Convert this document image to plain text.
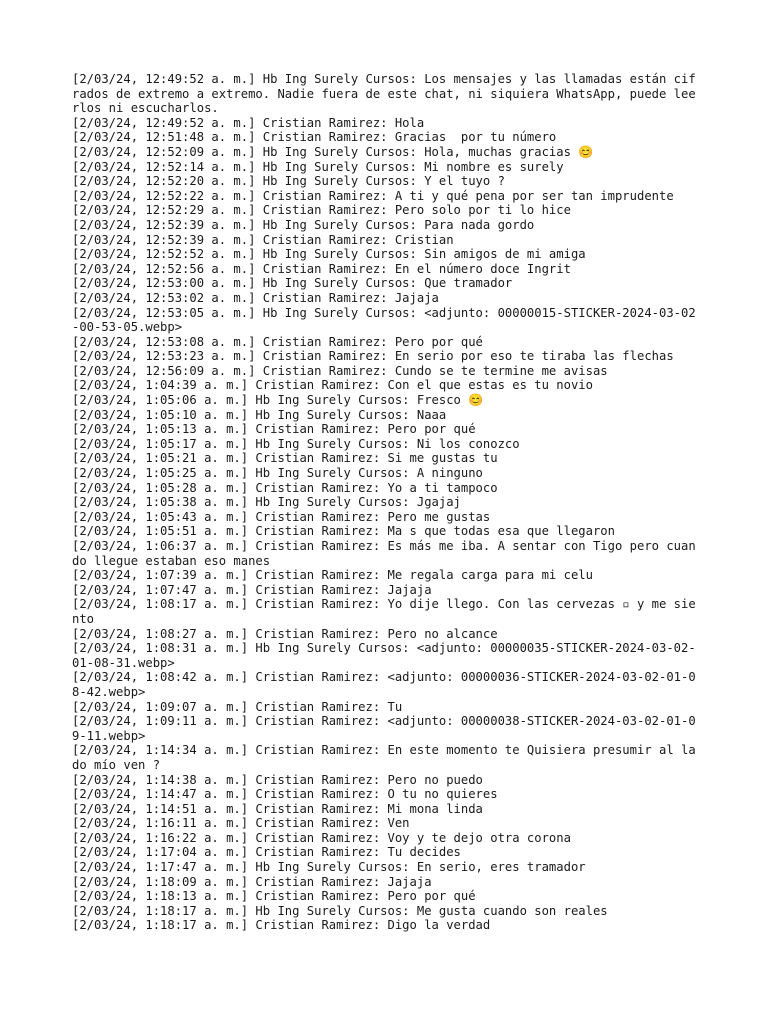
[2/03/24, 12:49:52 a. m.] Hb Ing Surely Cursos: Los mensajes y las llamadas están cifrados de extremo a extremo. Nadie fuera de este chat, ni siquiera WhatsApp, puede leerlos ni escucharlos.
[2/03/24, 12:49:52 a. m.] Cristian Ramirez: Hola
[2/03/24, 12:51:48 a. m.] Cristian Ramirez: Gracias  por tu número
[2/03/24, 12:52:09 a. m.] Hb Ing Surely Cursos: Hola, muchas gracias 😊
[2/03/24, 12:52:14 a. m.] Hb Ing Surely Cursos: Mi nombre es surely
[2/03/24, 12:52:20 a. m.] Hb Ing Surely Cursos: Y el tuyo ?
[2/03/24, 12:52:22 a. m.] Cristian Ramirez: A ti y qué pena por ser tan imprudente
[2/03/24, 12:52:29 a. m.] Cristian Ramirez: Pero solo por ti lo hice
[2/03/24, 12:52:39 a. m.] Hb Ing Surely Cursos: Para nada gordo
[2/03/24, 12:52:39 a. m.] Cristian Ramirez: Cristian
[2/03/24, 12:52:52 a. m.] Hb Ing Surely Cursos: Sin amigos de mi amiga
[2/03/24, 12:52:56 a. m.] Cristian Ramirez: En el número doce Ingrit
[2/03/24, 12:53:00 a. m.] Hb Ing Surely Cursos: Que tramador
[2/03/24, 12:53:02 a. m.] Cristian Ramirez: Jajaja
[2/03/24, 12:53:05 a. m.] Hb Ing Surely Cursos: <adjunto: 00000015-STICKER-2024-03-02-00-53-05.webp>
[2/03/24, 12:53:08 a. m.] Cristian Ramirez: Pero por qué
[2/03/24, 12:53:23 a. m.] Cristian Ramirez: En serio por eso te tiraba las flechas
[2/03/24, 12:56:09 a. m.] Cristian Ramirez: Cundo se te termine me avisas
[2/03/24, 1:04:39 a. m.] Cristian Ramirez: Con el que estas es tu novio
[2/03/24, 1:05:06 a. m.] Hb Ing Surely Cursos: Fresco 😊
[2/03/24, 1:05:10 a. m.] Hb Ing Surely Cursos: Naaa
[2/03/24, 1:05:13 a. m.] Cristian Ramirez: Pero por qué
[2/03/24, 1:05:17 a. m.] Hb Ing Surely Cursos: Ni los conozco
[2/03/24, 1:05:21 a. m.] Cristian Ramirez: Si me gustas tu
[2/03/24, 1:05:25 a. m.] Hb Ing Surely Cursos: A ninguno
[2/03/24, 1:05:28 a. m.] Cristian Ramirez: Yo a ti tampoco
[2/03/24, 1:05:38 a. m.] Hb Ing Surely Cursos: Jgajaj
[2/03/24, 1:05:43 a. m.] Cristian Ramirez: Pero me gustas
[2/03/24, 1:05:51 a. m.] Cristian Ramirez: Ma s que todas esa que llegaron
[2/03/24, 1:06:37 a. m.] Cristian Ramirez: Es más me iba. A sentar con Tigo pero cuando llegue estaban eso manes
[2/03/24, 1:07:39 a. m.] Cristian Ramirez: Me regala carga para mi celu
[2/03/24, 1:07:47 a. m.] Cristian Ramirez: Jajaja
[2/03/24, 1:08:17 a. m.] Cristian Ramirez: Yo dije llego. Con las cervezas ▫ y me siento
[2/03/24, 1:08:27 a. m.] Cristian Ramirez: Pero no alcance
[2/03/24, 1:08:31 a. m.] Hb Ing Surely Cursos: <adjunto: 00000035-STICKER-2024-03-02-01-08-31.webp>
[2/03/24, 1:08:42 a. m.] Cristian Ramirez: <adjunto: 00000036-STICKER-2024-03-02-01-08-42.webp>
[2/03/24, 1:09:07 a. m.] Cristian Ramirez: Tu
[2/03/24, 1:09:11 a. m.] Cristian Ramirez: <adjunto: 00000038-STICKER-2024-03-02-01-09-11.webp>
[2/03/24, 1:14:34 a. m.] Cristian Ramirez: En este momento te Quisiera presumir al lado mío ven ?
[2/03/24, 1:14:38 a. m.] Cristian Ramirez: Pero no puedo
[2/03/24, 1:14:47 a. m.] Cristian Ramirez: O tu no quieres
[2/03/24, 1:14:51 a. m.] Cristian Ramirez: Mi mona linda
[2/03/24, 1:16:11 a. m.] Cristian Ramirez: Ven
[2/03/24, 1:16:22 a. m.] Cristian Ramirez: Voy y te dejo otra corona
[2/03/24, 1:17:04 a. m.] Cristian Ramirez: Tu decides
[2/03/24, 1:17:47 a. m.] Hb Ing Surely Cursos: En serio, eres tramador
[2/03/24, 1:18:09 a. m.] Cristian Ramirez: Jajaja
[2/03/24, 1:18:13 a. m.] Cristian Ramirez: Pero por qué
[2/03/24, 1:18:17 a. m.] Hb Ing Surely Cursos: Me gusta cuando son reales
[2/03/24, 1:18:17 a. m.] Cristian Ramirez: Digo la verdad
